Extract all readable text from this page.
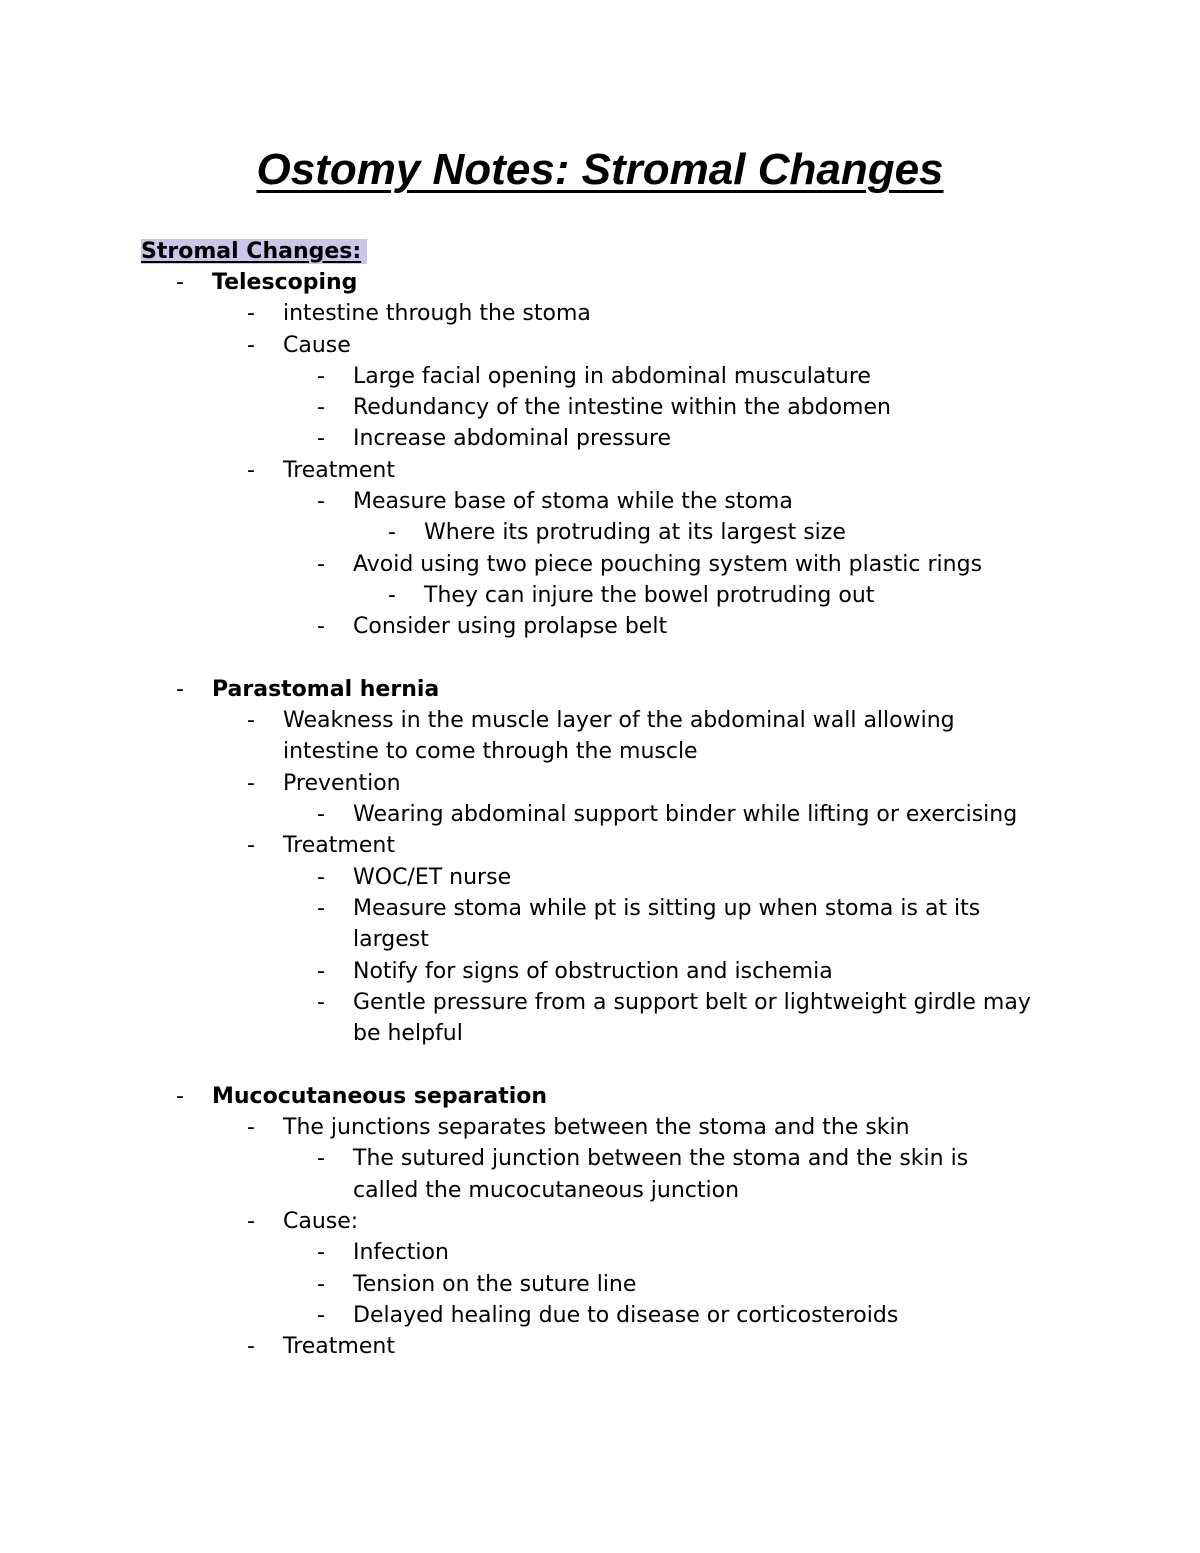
Ostomy Notes: Stromal Changes
Stromal Changes:
- Telescoping
- intestine through the stoma
- Cause
- Large facial opening in abdominal musculature
- Redundancy of the intestine within the abdomen
- Increase abdominal pressure
- Treatment
- Measure base of stoma while the stoma
- Where its protruding at its largest size
- Avoid using two piece pouching system with plastic rings
- They can injure the bowel protruding out
- Consider using prolapse belt
- Parastomal hernia
- Weakness in the muscle layer of the abdominal wall allowing intestine to come through the muscle
- Prevention
- Wearing abdominal support binder while lifting or exercising
- Treatment
- WOC/ET nurse
- Measure stoma while pt is sitting up when stoma is at its largest
- Notify for signs of obstruction and ischemia
- Gentle pressure from a support belt or lightweight girdle may be helpful
- Mucocutaneous separation
- The junctions separates between the stoma and the skin
- The sutured junction between the stoma and the skin is called the mucocutaneous junction
- Cause:
- Infection
- Tension on the suture line
- Delayed healing due to disease or corticosteroids
- Treatment
